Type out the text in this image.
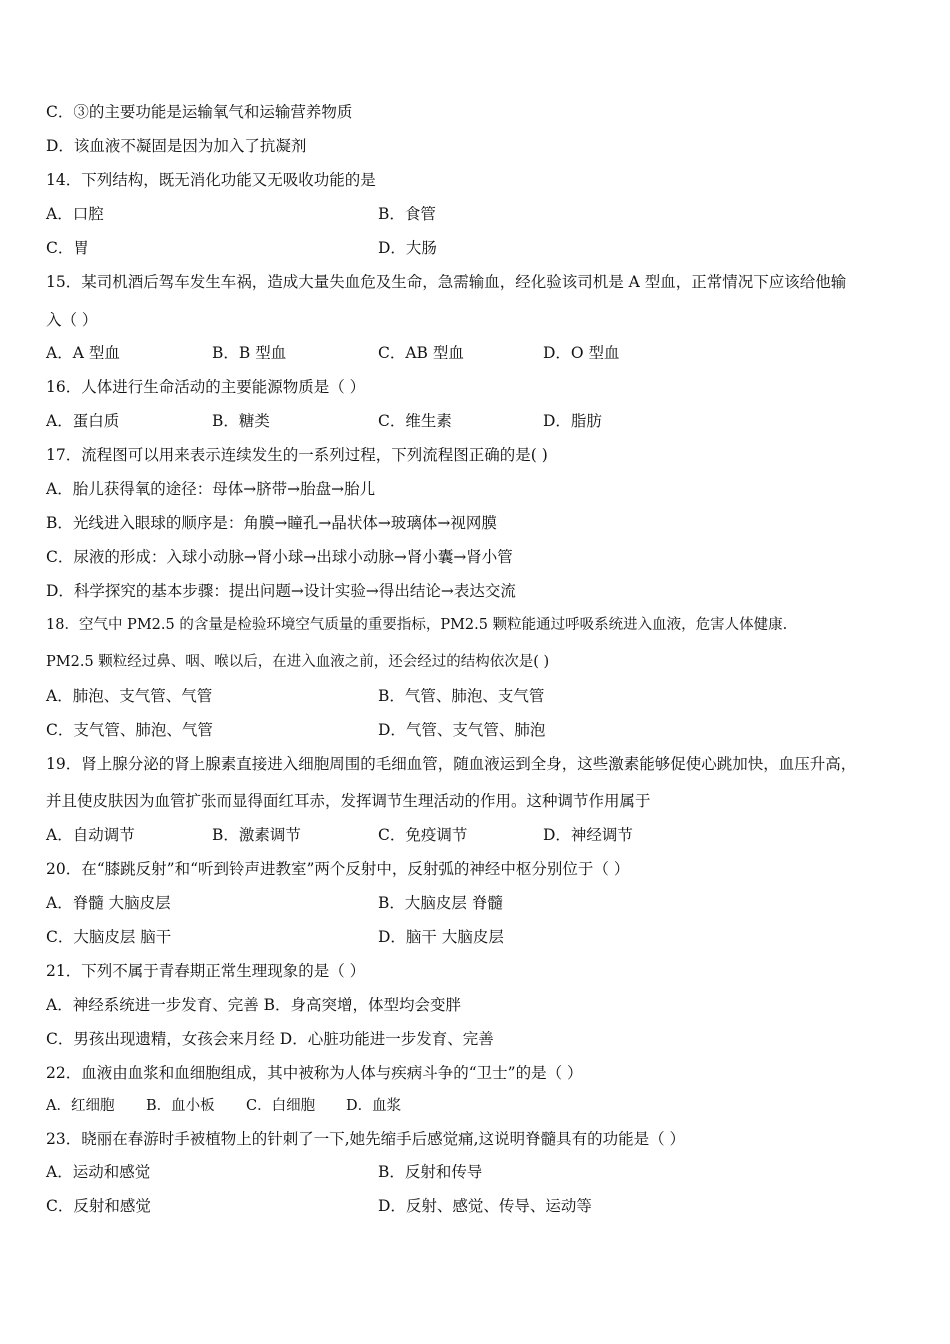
C．③的主要功能是运输氧气和运输营养物质
D．该血液不凝固是因为加入了抗凝剂
14．下列结构，既无消化功能又无吸收功能的是
A．口腔	B．食管
C．胃	D．大肠
15．某司机酒后驾车发生车祸，造成大量失血危及生命，急需输血，经化验该司机是 A 型血，正常情况下应该给他输
入（ ）
A．A 型血	B．B 型血	C．AB 型血	D．O 型血
16．人体进行生命活动的主要能源物质是（ ）
A．蛋白质	B．糖类	C．维生素	D．脂肪
17．流程图可以用来表示连续发生的一系列过程，下列流程图正确的是( )
A．胎儿获得氧的途径：母体→脐带→胎盘→胎儿
B．光线进入眼球的顺序是：角膜→瞳孔→晶状体→玻璃体→视网膜
C．尿液的形成：入球小动脉→肾小球→出球小动脉→肾小囊→肾小管
D．科学探究的基本步骤：提出问题→设计实验→得出结论→表达交流
18．空气中 PM2.5 的含量是检验环境空气质量的重要指标，PM2.5 颗粒能通过呼吸系统进入血液，危害人体健康.
PM2.5 颗粒经过鼻、咽、喉以后，在进入血液之前，还会经过的结构依次是( )
A．肺泡、支气管、气管	B．气管、肺泡、支气管
C．支气管、肺泡、气管	D．气管、支气管、肺泡
19．肾上腺分泌的肾上腺素直接进入细胞周围的毛细血管，随血液运到全身，这些激素能够促使心跳加快，血压升高，
并且使皮肤因为血管扩张而显得面红耳赤，发挥调节生理活动的作用。这种调节作用属于
A．自动调节	B．激素调节	C．免疫调节	D．神经调节
20．在“膝跳反射”和“听到铃声进教室”两个反射中，反射弧的神经中枢分别位于（ ）
A．脊髓 大脑皮层	B．大脑皮层 脊髓
C．大脑皮层 脑干	D．脑干 大脑皮层
21．下列不属于青春期正常生理现象的是（ ）
A．神经系统进一步发育、完善 B．身高突增，体型均会变胖
C．男孩出现遗精，女孩会来月经 D．心脏功能进一步发育、完善
22．血液由血浆和血细胞组成，其中被称为人体与疾病斗争的“卫士”的是（ ）
A．红细胞 B．血小板 C．白细胞 D．血浆
23．晓丽在春游时手被植物上的针刺了一下,她先缩手后感觉痛,这说明脊髓具有的功能是（ ）
A．运动和感觉	B．反射和传导
C．反射和感觉	D．反射、感觉、传导、运动等
